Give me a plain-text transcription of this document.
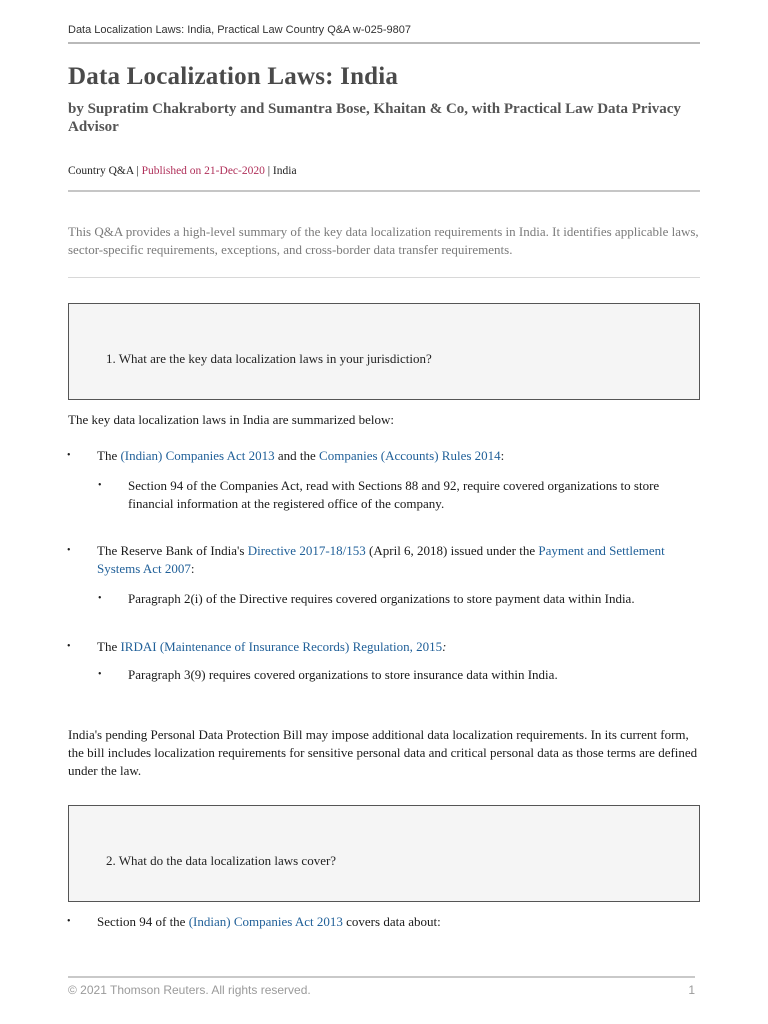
Data Localization Laws: India, Practical Law Country Q&A w-025-9807
Data Localization Laws: India

by Supratim Chakraborty and Sumantra Bose, Khaitan & Co, with Practical Law Data Privacy Advisor

Country Q&A | Published on 21-Dec-2020 | India

This Q&A provides a high-level summary of the key data localization requirements in India. It identifies applicable laws, sector-specific requirements, exceptions, and cross-border data transfer requirements.

1. What are the key data localization laws in your jurisdiction?

The key data localization laws in India are summarized below:

• The (Indian) Companies Act 2013 and the Companies (Accounts) Rules 2014:
• Section 94 of the Companies Act, read with Sections 88 and 92, require covered organizations to store financial information at the registered office of the company.
• The Reserve Bank of India's Directive 2017-18/153 (April 6, 2018) issued under the Payment and Settlement Systems Act 2007:
• Paragraph 2(i) of the Directive requires covered organizations to store payment data within India.
• The IRDAI (Maintenance of Insurance Records) Regulation, 2015:
• Paragraph 3(9) requires covered organizations to store insurance data within India.

India's pending Personal Data Protection Bill may impose additional data localization requirements. In its current form, the bill includes localization requirements for sensitive personal data and critical personal data as those terms are defined under the law.

2. What do the data localization laws cover?
• Section 94 of the (Indian) Companies Act 2013 covers data about:
© 2021 Thomson Reuters. All rights reserved.	1
